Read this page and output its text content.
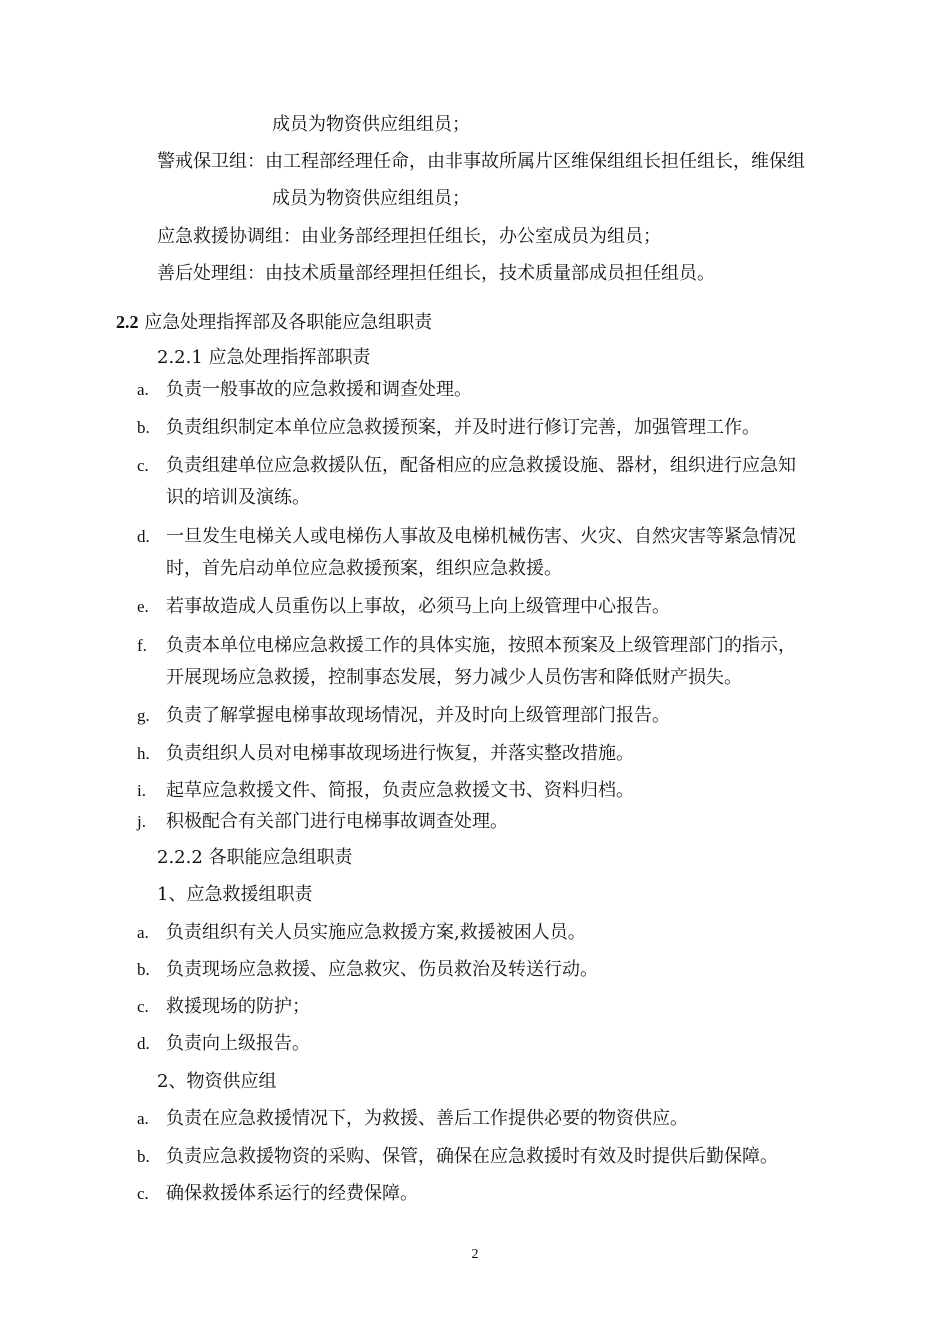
成员为物资供应组组员；
警戒保卫组：由工程部经理任命，由非事故所属片区维保组组长担任组长，维保组
成员为物资供应组组员；
应急救援协调组：由业务部经理担任组长，办公室成员为组员；
善后处理组：由技术质量部经理担任组长，技术质量部成员担任组员。
2.2 应急处理指挥部及各职能应急组职责
2.2.1 应急处理指挥部职责
a. 负责一般事故的应急救援和调查处理。
b. 负责组织制定本单位应急救援预案，并及时进行修订完善，加强管理工作。
c. 负责组建单位应急救援队伍，配备相应的应急救援设施、器材，组织进行应急知
识的培训及演练。
d. 一旦发生电梯关人或电梯伤人事故及电梯机械伤害、火灾、自然灾害等紧急情况
时，首先启动单位应急救援预案，组织应急救援。
e. 若事故造成人员重伤以上事故，必须马上向上级管理中心报告。
f. 负责本单位电梯应急救援工作的具体实施，按照本预案及上级管理部门的指示，
开展现场应急救援，控制事态发展，努力减少人员伤害和降低财产损失。
g. 负责了解掌握电梯事故现场情况，并及时向上级管理部门报告。
h. 负责组织人员对电梯事故现场进行恢复，并落实整改措施。
i. 起草应急救援文件、简报，负责应急救援文书、资料归档。
j. 积极配合有关部门进行电梯事故调查处理。
2.2.2 各职能应急组职责
1、应急救援组职责
a. 负责组织有关人员实施应急救援方案,救援被困人员。
b. 负责现场应急救援、应急救灾、伤员救治及转送行动。
c. 救援现场的防护；
d. 负责向上级报告。
2、物资供应组
a. 负责在应急救援情况下，为救援、善后工作提供必要的物资供应。
b. 负责应急救援物资的采购、保管，确保在应急救援时有效及时提供后勤保障。
c. 确保救援体系运行的经费保障。
2
